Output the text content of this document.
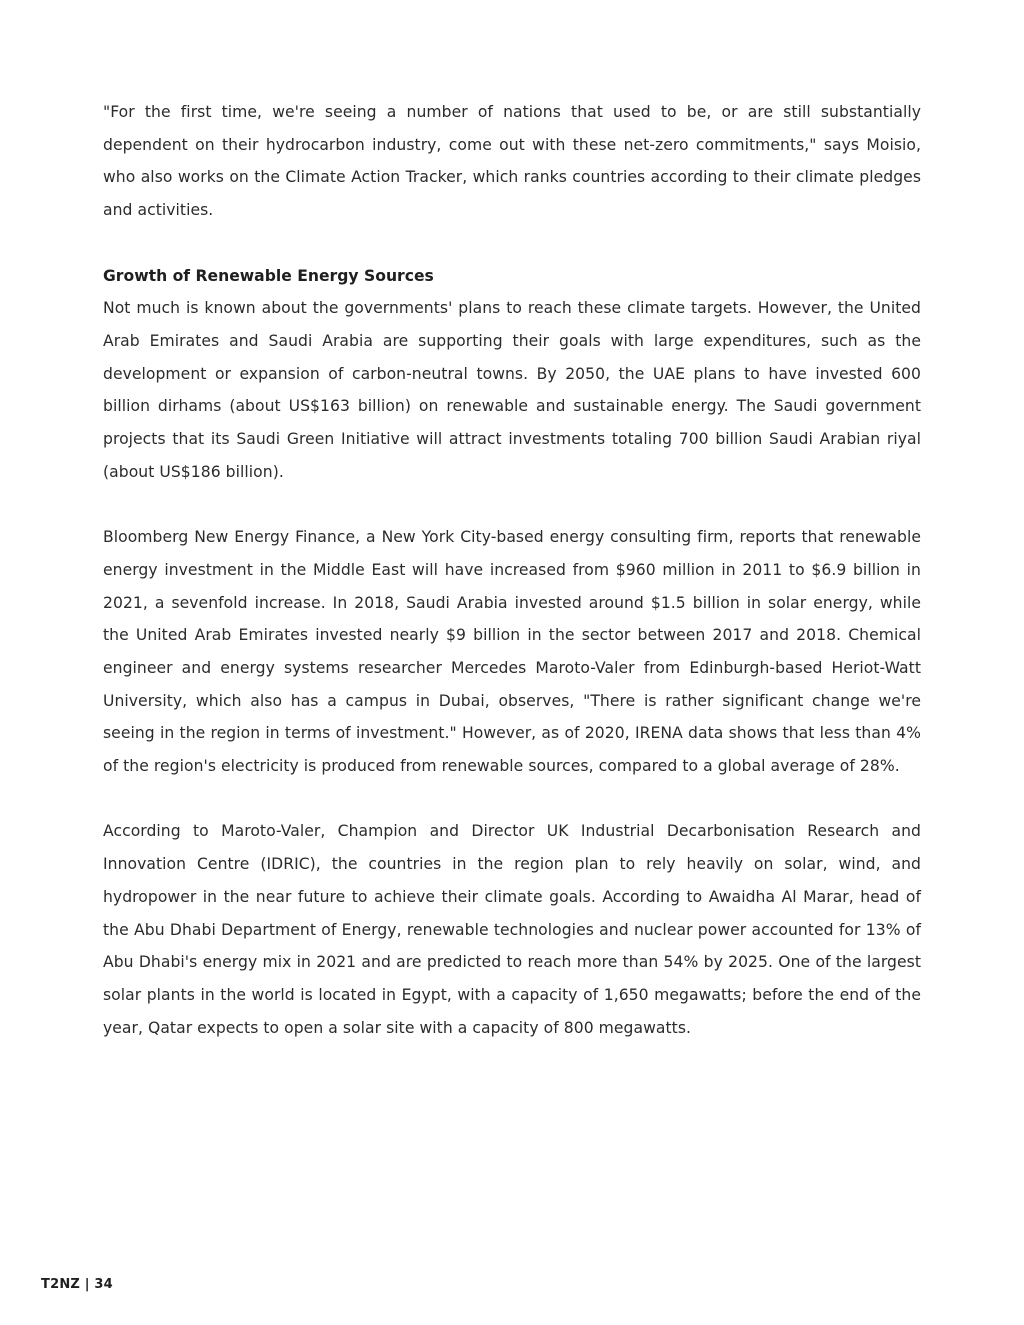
"For the first time, we're seeing a number of nations that used to be, or are still substantially dependent on their hydrocarbon industry, come out with these net-zero commitments," says Moisio, who also works on the Climate Action Tracker, which ranks countries according to their climate pledges and activities.

Growth of Renewable Energy Sources

Not much is known about the governments' plans to reach these climate targets. However, the United Arab Emirates and Saudi Arabia are supporting their goals with large expenditures, such as the development or expansion of carbon-neutral towns. By 2050, the UAE plans to have invested 600 billion dirhams (about US$163 billion) on renewable and sustainable energy. The Saudi government projects that its Saudi Green Initiative will attract investments totaling 700 billion Saudi Arabian riyal (about US$186 billion).

Bloomberg New Energy Finance, a New York City-based energy consulting firm, reports that renewable energy investment in the Middle East will have increased from $960 million in 2011 to $6.9 billion in 2021, a sevenfold increase. In 2018, Saudi Arabia invested around $1.5 billion in solar energy, while the United Arab Emirates invested nearly $9 billion in the sector between 2017 and 2018. Chemical engineer and energy systems researcher Mercedes Maroto-Valer from Edinburgh-based Heriot-Watt University, which also has a campus in Dubai, observes, "There is rather significant change we're seeing in the region in terms of investment." However, as of 2020, IRENA data shows that less than 4% of the region's electricity is produced from renewable sources, compared to a global average of 28%.

According to Maroto-Valer, Champion and Director UK Industrial Decarbonisation Research and Innovation Centre (IDRIC), the countries in the region plan to rely heavily on solar, wind, and hydropower in the near future to achieve their climate goals. According to Awaidha Al Marar, head of the Abu Dhabi Department of Energy, renewable technologies and nuclear power accounted for 13% of Abu Dhabi's energy mix in 2021 and are predicted to reach more than 54% by 2025. One of the largest solar plants in the world is located in Egypt, with a capacity of 1,650 megawatts; before the end of the year, Qatar expects to open a solar site with a capacity of 800 megawatts.

T2NZ | 34
